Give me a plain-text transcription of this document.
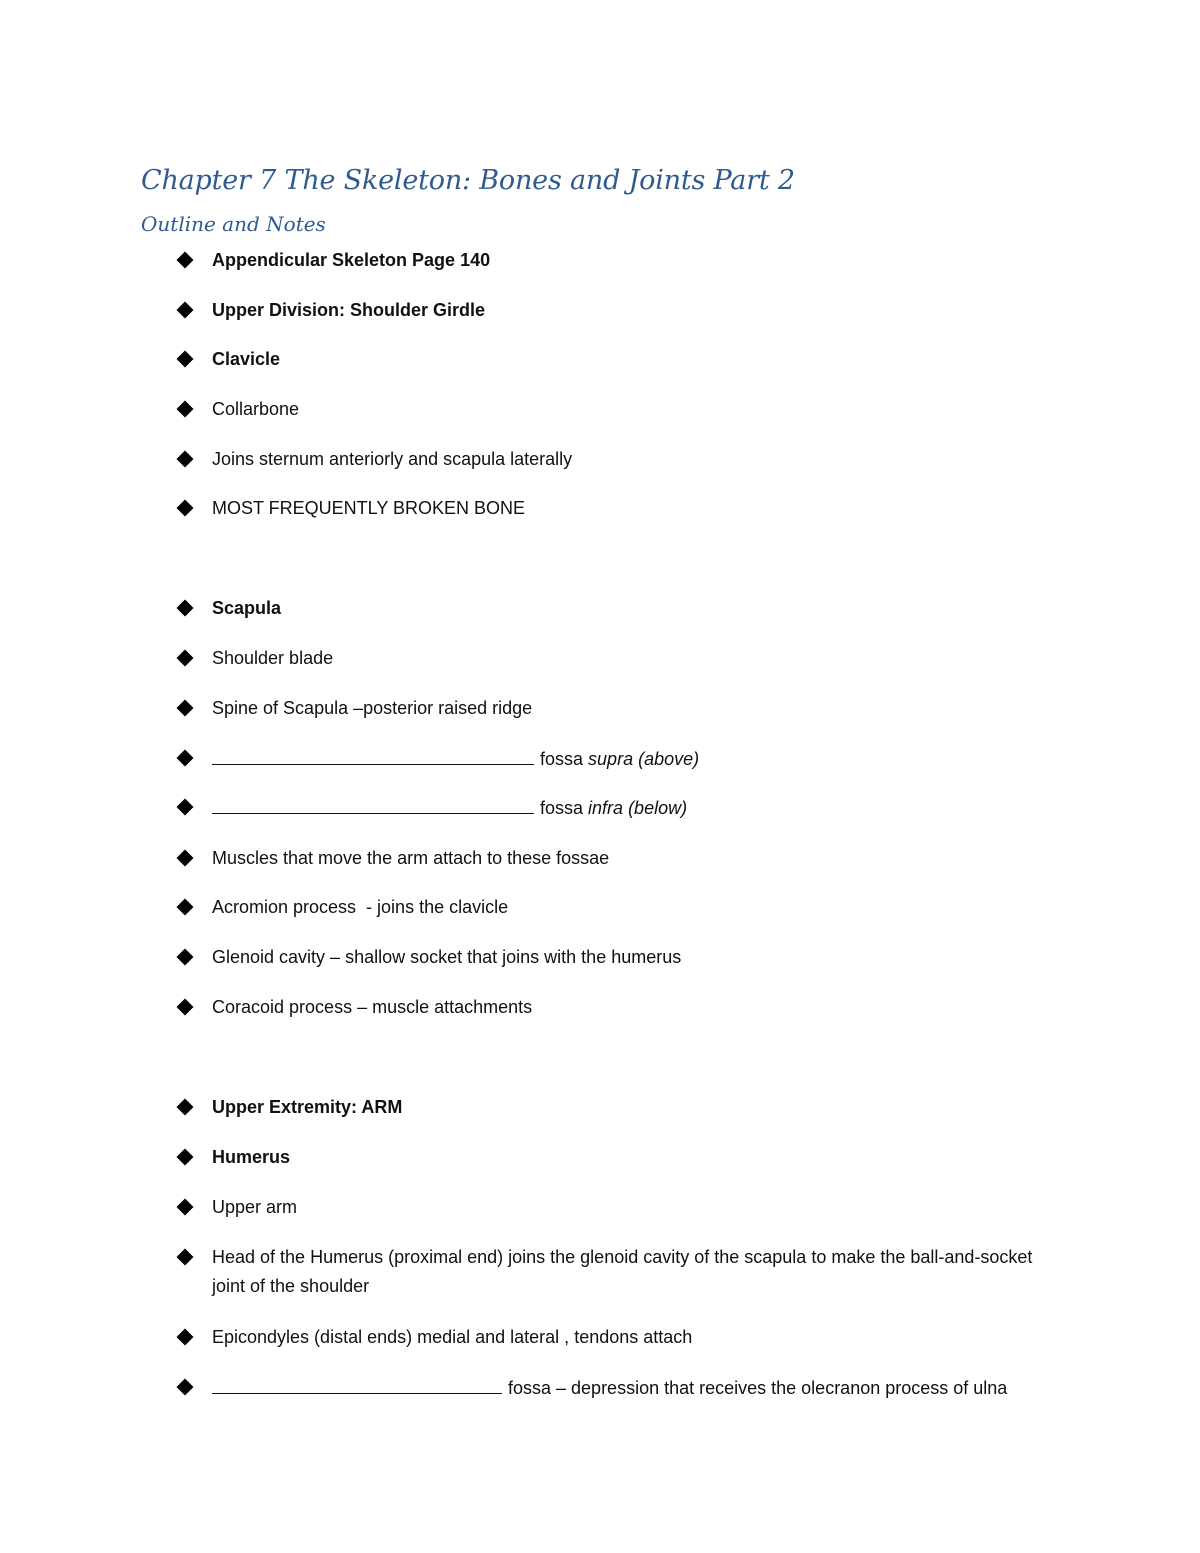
Chapter 7 The Skeleton: Bones and Joints Part 2
Outline and Notes
Appendicular Skeleton Page 140
Upper Division: Shoulder Girdle
Clavicle
Collarbone
Joins sternum anteriorly and scapula laterally
MOST FREQUENTLY BROKEN BONE
Scapula
Shoulder blade
Spine of Scapula –posterior raised ridge
fossa supra (above)
fossa infra (below)
Muscles that move the arm attach to these fossae
Acromion process  - joins the clavicle
Glenoid cavity – shallow socket that joins with the humerus
Coracoid process – muscle attachments
Upper Extremity: ARM
Humerus
Upper arm
Head of the Humerus (proximal end) joins the glenoid cavity of the scapula to make the ball-and-socket joint of the shoulder
Epicondyles (distal ends) medial and lateral , tendons attach
fossa – depression that receives the olecranon process of ulna
